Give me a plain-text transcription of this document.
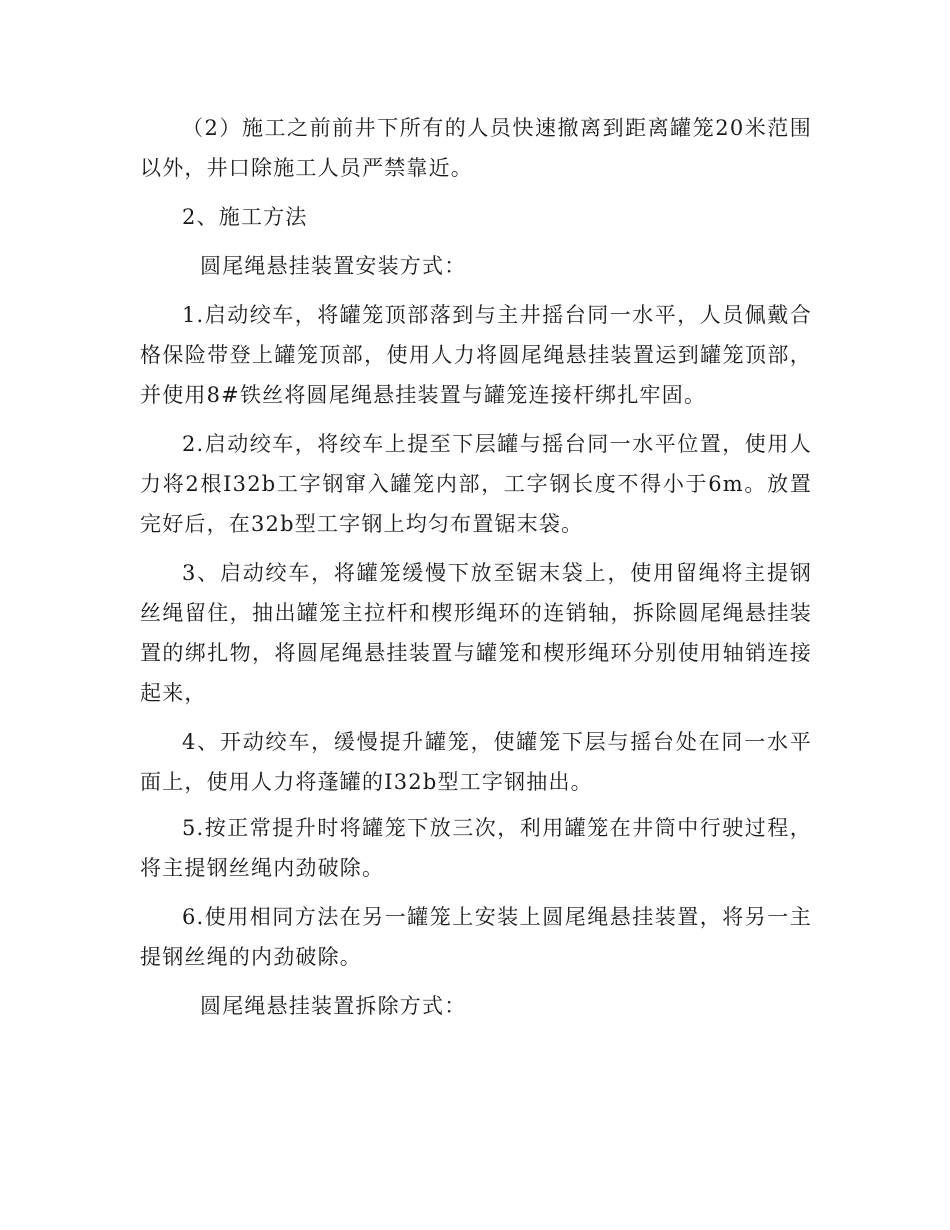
（2）施工之前前井下所有的人员快速撤离到距离罐笼20米范围以外，井口除施工人员严禁靠近。

2、施工方法

圆尾绳悬挂装置安装方式：

1.启动绞车，将罐笼顶部落到与主井摇台同一水平，人员佩戴合格保险带登上罐笼顶部，使用人力将圆尾绳悬挂装置运到罐笼顶部，并使用8#铁丝将圆尾绳悬挂装置与罐笼连接杆绑扎牢固。

2.启动绞车，将绞车上提至下层罐与摇台同一水平位置，使用人力将2根I32b工字钢窜入罐笼内部，工字钢长度不得小于6m。放置完好后，在32b型工字钢上均匀布置锯末袋。

3、启动绞车，将罐笼缓慢下放至锯末袋上，使用留绳将主提钢丝绳留住，抽出罐笼主拉杆和楔形绳环的连销轴，拆除圆尾绳悬挂装置的绑扎物，将圆尾绳悬挂装置与罐笼和楔形绳环分别使用轴销连接起来，

4、开动绞车，缓慢提升罐笼，使罐笼下层与摇台处在同一水平面上，使用人力将蓬罐的I32b型工字钢抽出。

5.按正常提升时将罐笼下放三次，利用罐笼在井筒中行驶过程，将主提钢丝绳内劲破除。

6.使用相同方法在另一罐笼上安装上圆尾绳悬挂装置，将另一主提钢丝绳的内劲破除。

圆尾绳悬挂装置拆除方式：
